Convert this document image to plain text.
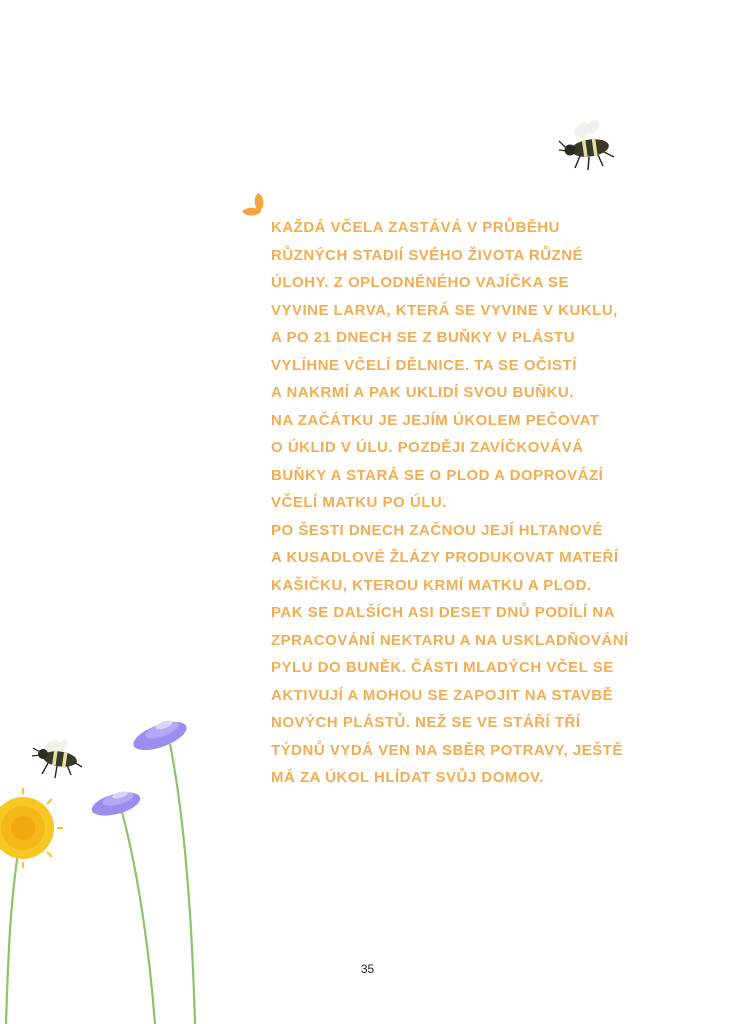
KAŽDÁ VČELA ZASTÁVÁ V PRŮBĚHU
RŮZNÝCH STADIÍ SVÉHO ŽIVOTA RŮZNÉ
ÚLOHY. Z OPLODNĚNÉHO VAJÍČKA SE
VYVINE LARVA, KTERÁ SE VYVINE V KUKLU,
A PO 21 DNECH SE Z BUŇKY V PLÁSTU
VYLÍHNE VČELÍ DĚLNICE. TA SE OČISTÍ
A NAKRMÍ A PAK UKLIDÍ SVOU BUŇKU.
NA ZAČÁTKU JE JEJÍM ÚKOLEM PEČOVAT
O ÚKLID V ÚLU. POZDĚJI ZAVÍČKOVÁVÁ
BUŇKY A STARÁ SE O PLOD A DOPROVÁZÍ
VČELÍ MATKU PO ÚLU.
PO ŠESTI DNECH ZAČNOU JEJÍ HLTANOVÉ
A KUSADLOVÉ ŽLÁZY PRODUKOVAT MATEŘÍ
KAŠIČKU, KTEROU KRMÍ MATKU A PLOD.
PAK SE DALŠÍCH ASI DESET DNŮ PODÍLÍ NA
ZPRACOVÁNÍ NEKTARU A NA USKLADŇOVÁNÍ
PYLU DO BUNĚK. ČÁSTI MLADÝCH VČEL SE
AKTIVUJÍ A MOHOU SE ZAPOJIT NA STAVBĚ
NOVÝCH PLÁSTŮ. NEŽ SE VE STÁŘÍ TŘÍ
TÝDNŮ VYDÁ VEN NA SBĚR POTRAVY, JEŠTĚ
MÁ ZA ÚKOL HLÍDAT SVŮJ DOMOV.
35
